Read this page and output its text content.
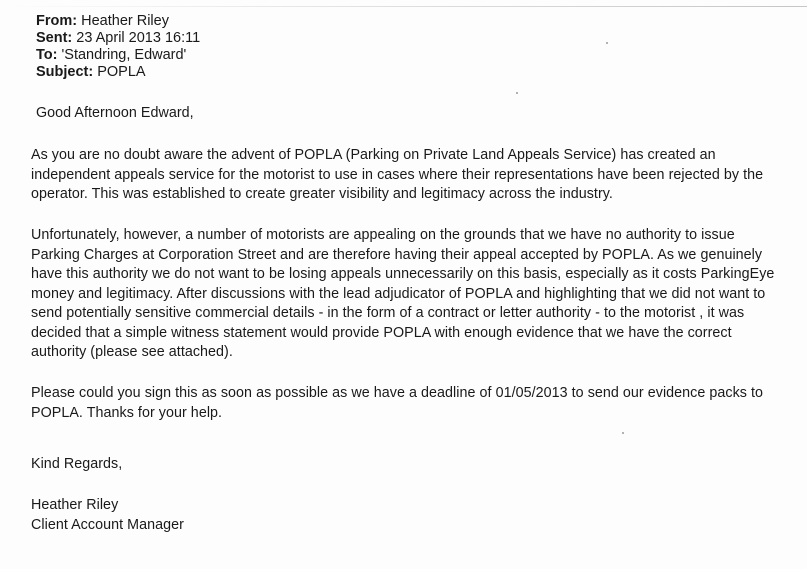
From: Heather Riley
Sent: 23 April 2013 16:11
To: 'Standring, Edward'
Subject: POPLA
Good Afternoon Edward,
As you are no doubt aware the advent of POPLA (Parking on Private Land Appeals Service) has created an
independent appeals service for the motorist to use in cases where their representations have been rejected by the
operator. This was established to create greater visibility and legitimacy across the industry.
Unfortunately, however, a number of motorists are appealing on the grounds that we have no authority to issue
Parking Charges at Corporation Street and are therefore having their appeal accepted by POPLA. As we genuinely
have this authority we do not want to be losing appeals unnecessarily on this basis, especially as it costs ParkingEye
money and legitimacy. After discussions with the lead adjudicator of POPLA and highlighting that we did not want to
send potentially sensitive commercial details - in the form of a contract or letter authority - to the motorist , it was
decided that a simple witness statement would provide POPLA with enough evidence that we have the correct
authority (please see attached).
Please could you sign this as soon as possible as we have a deadline of 01/05/2013 to send our evidence packs to
POPLA. Thanks for your help.
Kind Regards,
Heather Riley
Client Account Manager
